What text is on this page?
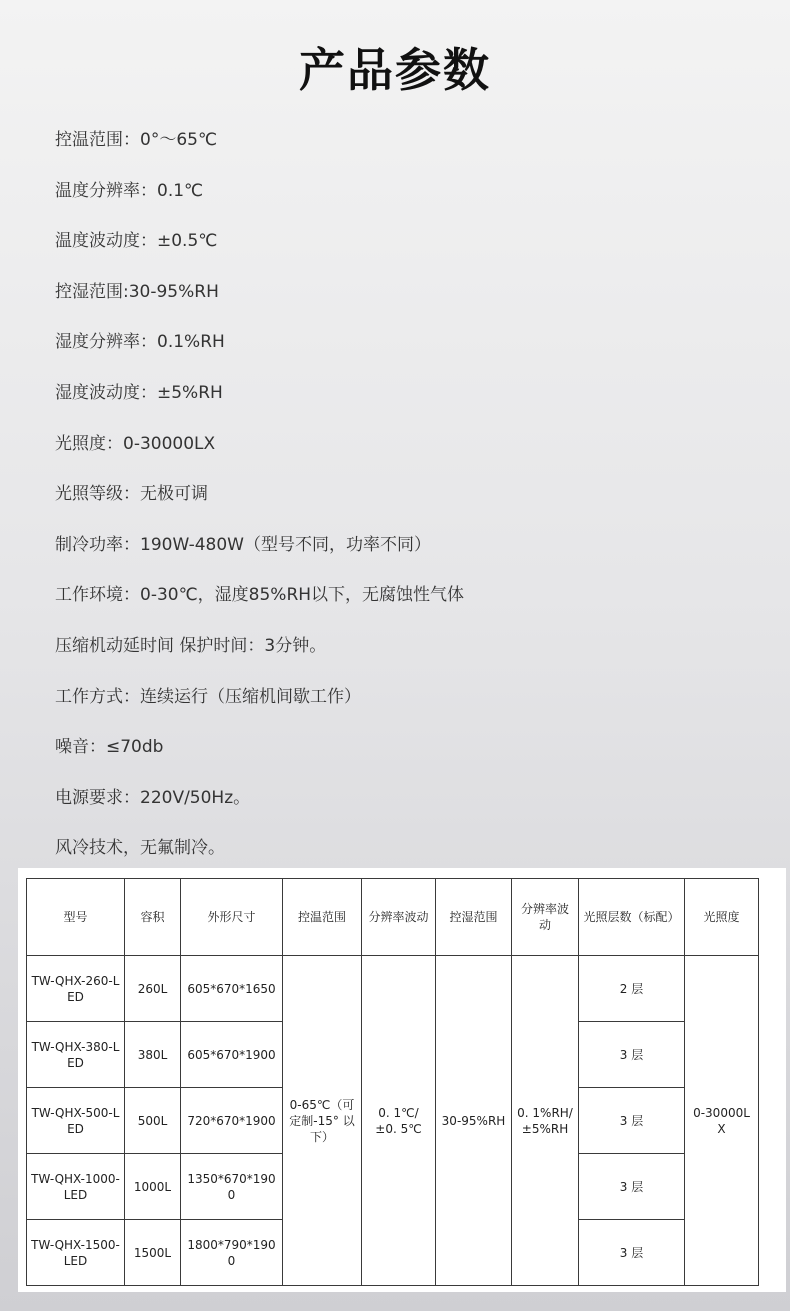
产品参数
控温范围：0°～65℃
温度分辨率：0.1℃
温度波动度：±0.5℃
控湿范围:30-95%RH
湿度分辨率：0.1%RH
湿度波动度：±5%RH
光照度：0-30000LX
光照等级：无极可调
制冷功率：190W-480W（型号不同，功率不同）
工作环境：0-30℃，湿度85%RH以下，无腐蚀性气体
压缩机动延时间 保护时间：3分钟。
工作方式：连续运行（压缩机间歇工作）
噪音：≤70db
电源要求：220V/50Hz。
风冷技术，无氟制冷。
型号	容积	外形尺寸	控温范围	分辨率波动	控湿范围	分辨率波动	光照层数（标配）	光照度
TW-QHX-260-LED	260L	605*670*1650	0-65℃（可定制-15° 以下）	0. 1℃/ ±0. 5℃	30-95%RH	0. 1%RH/ ±5%RH	2 层	0-30000LX
TW-QHX-380-LED	380L	605*670*1900					3 层	
TW-QHX-500-LED	500L	720*670*1900					3 层	
TW-QHX-1000-LED	1000L	1350*670*1900					3 层	
TW-QHX-1500-LED	1500L	1800*790*1900					3 层	
